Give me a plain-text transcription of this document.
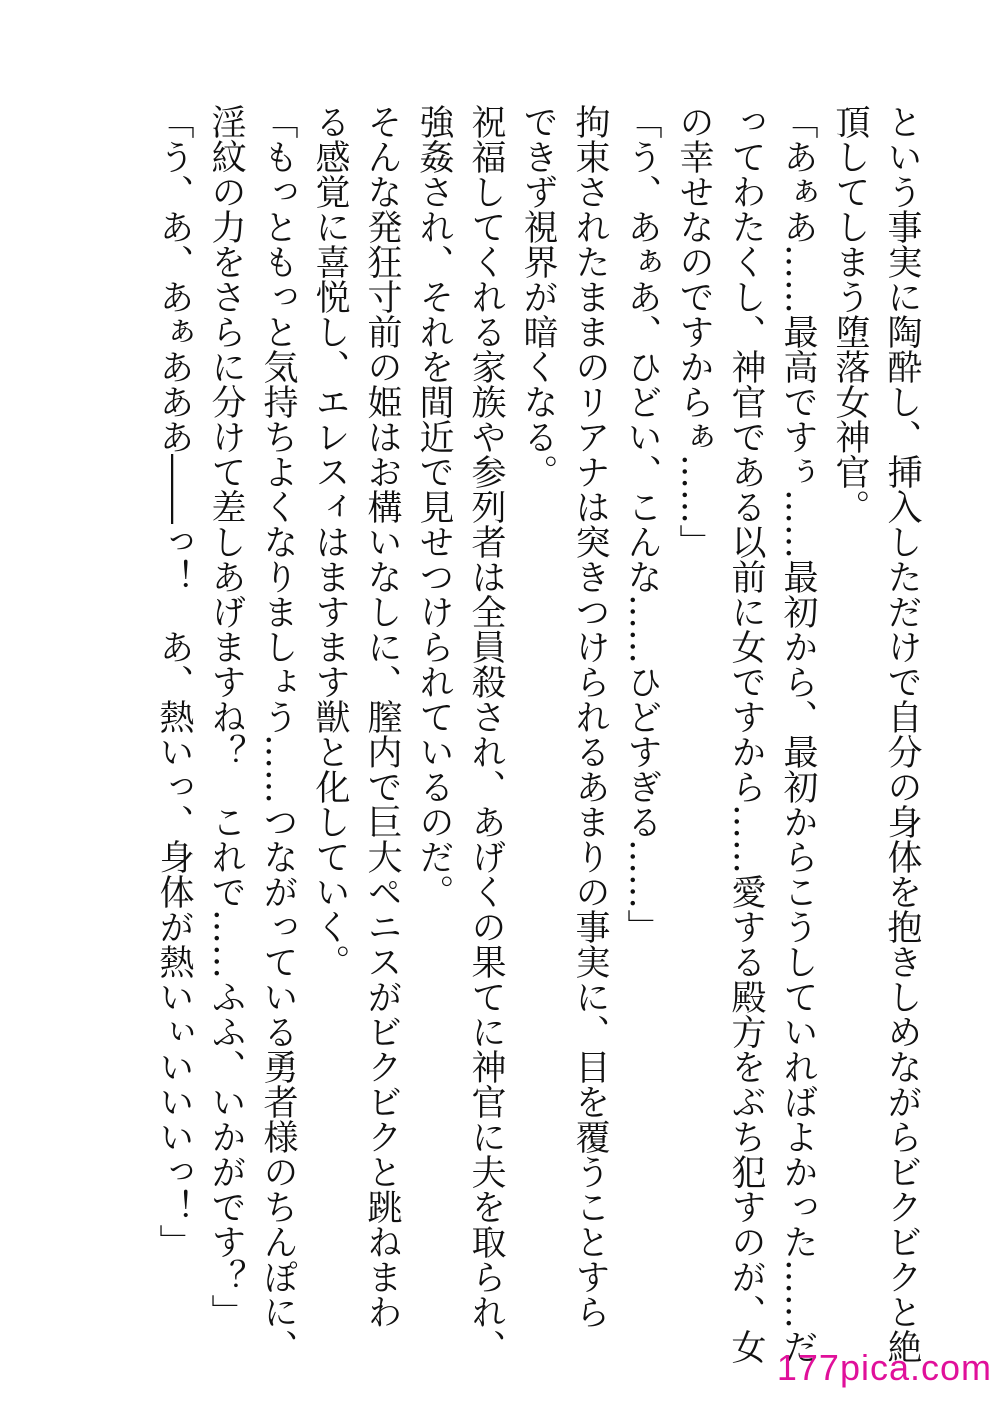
という事実に陶酔し、挿入しただけで自分の身体を抱きしめながらビクビクと絶

頂してしまう堕落女神官。

「あぁあ……最高ですぅ……最初から、最初からこうしていればよかった……だ

ってわたくし、神官である以前に女ですから……愛する殿方をぶち犯すのが、女

の幸せなのですからぁ……」

「う、あぁあ、ひどい、こんな……ひどすぎる……」

拘束されたままのリアナは突きつけられるあまりの事実に、目を覆うことすら

できず視界が暗くなる。

祝福してくれる家族や参列者は全員殺され、あげくの果てに神官に夫を取られ、

強姦され、それを間近で見せつけられているのだ。

そんな発狂寸前の姫はお構いなしに、膣内で巨大ペニスがビクビクと跳ねまわ

る感覚に喜悦し、エレスィはますます獣と化していく。

「もっともっと気持ちよくなりましょう……つながっている勇者様のちんぽに、

淫紋の力をさらに分けて差しあげますね？　これで……ふふ、いかがです？」

「う、あ、あぁあああ――っ！　あ、熱いっ、身体が熱いぃいいいっ！」

177pica.com
